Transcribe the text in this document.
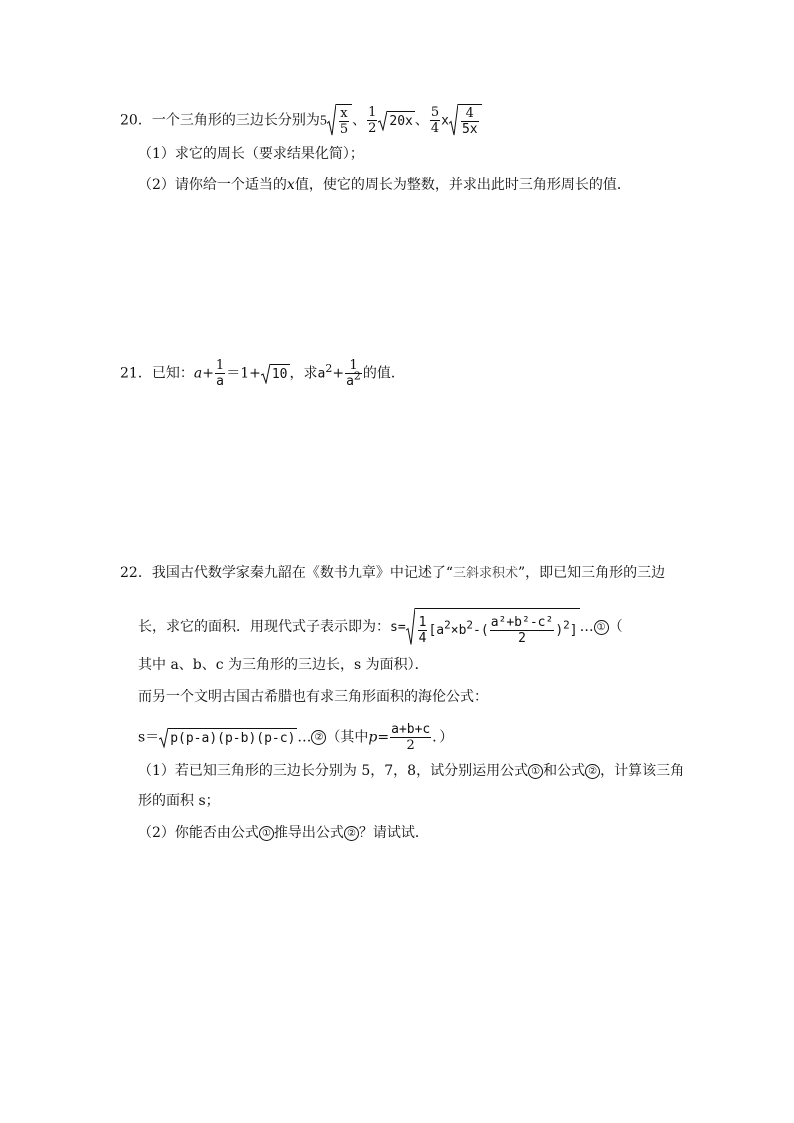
20．一个三角形的三边长分别为$5 \frac{x}{5}$ 、 $\frac{1}{2} 20x$ 、 $\frac{5}{4}$ x $\frac{4}{5x}$
（1）求它的周长（要求结果化简）；
（2）请你给一个适当的x值，使它的周长为整数，并求出此时三角形周长的值．
21．已知：$a+ \frac{1}{a} =1+ 10$ ，求$a^2+ \frac{1}{a^2}$ 的值．
22．我国古代数学家秦九韶在《数书九章》中记述了“三斜求积术”，即已知三角形的三边
长，求它的面积．用现代式子表示即为：$s= \frac{1}{4} [a^2\times b^2-( \frac{\text{a²+b²-c²}}{2} )^2]$ … ① （
其中 a、b、c 为三角形的三边长，s 为面积）．
而另一个文明古国古希腊也有求三角形面积的海伦公式：
s＝ p(p-a)(p-b)(p-c) … ② （其中$p= \frac{a+b+c}{2}$ ．）
（1）若已知三角形的三边长分别为 5，7，8，试分别运用公式 ① 和公式 ② ，计算该三角
形的面积 s；
（2）你能否由公式 ① 推导出公式 ② ？请试试．
